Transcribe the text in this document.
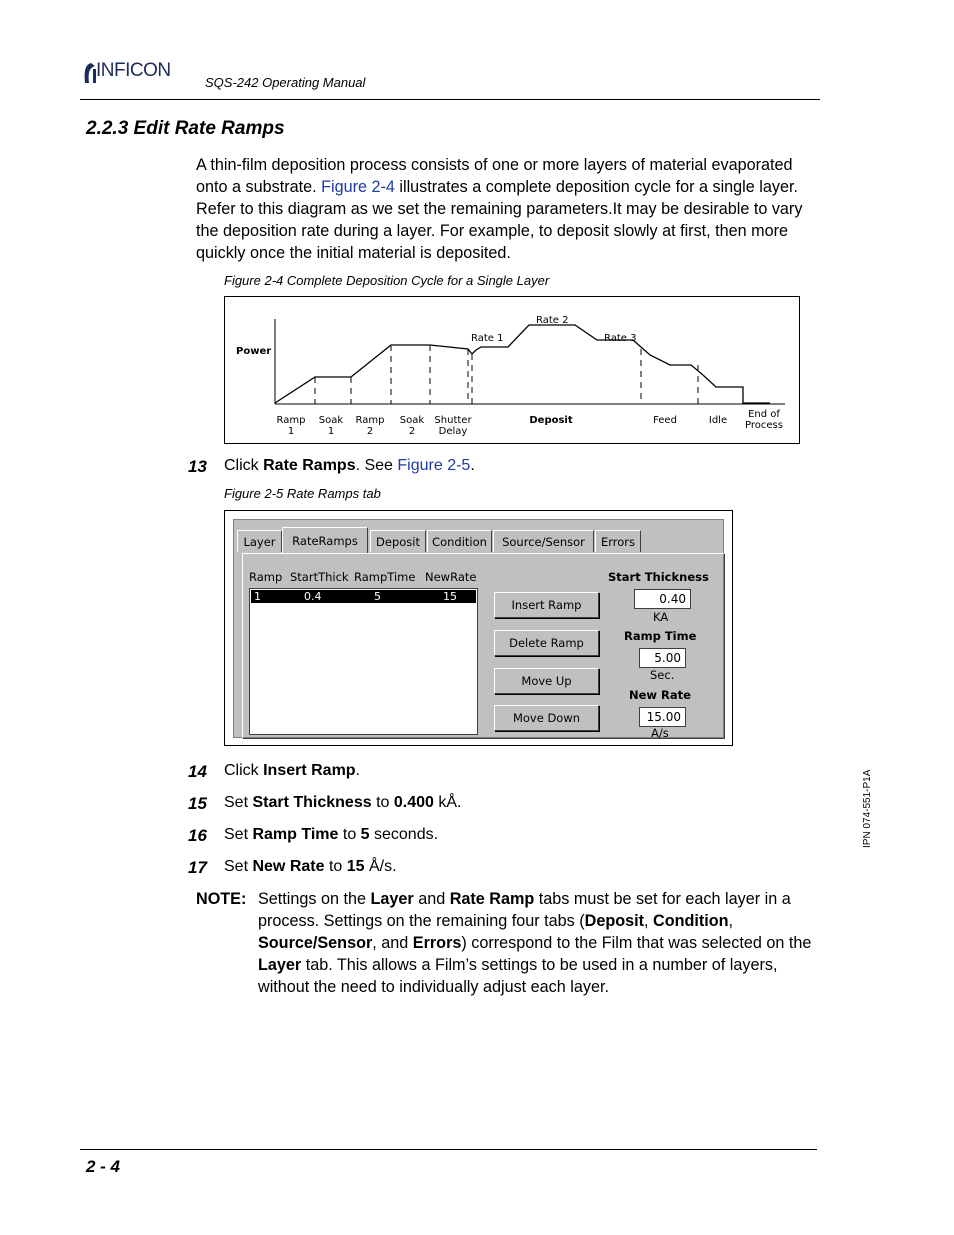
INFICON
SQS-242 Operating Manual
2.2.3 Edit Rate Ramps
A thin-film deposition process consists of one or more layers of material evaporated onto a substrate. Figure 2-4 illustrates a complete deposition cycle for a single layer. Refer to this diagram as we set the remaining parameters.It may be desirable to vary the deposition rate during a layer. For example, to deposit slowly at first, then more quickly once the initial material is deposited.
Figure 2-4 Complete Deposition Cycle for a Single Layer
Power
Rate 1
Rate 2
Rate 3
Ramp
1
Soak
1
Ramp
2
Soak
2
Shutter
Delay
Deposit	Feed	Idle
End of
Process
13 Click Rate Ramps. See Figure 2-5.
Figure 2-5 Rate Ramps tab
Layer	RateRamps	Deposit	Condition	Source/Sensor	Errors
Ramp StartThick RampTime NewRate
1	0.4	5	15
Insert Ramp
Delete Ramp
Move Up
Move Down
Start Thickness
0.40
KA
Ramp Time
5.00
Sec.
New Rate
15.00
A/s
14 Click Insert Ramp.
15 Set Start Thickness to 0.400 kÅ.
16 Set Ramp Time to 5 seconds.
17 Set New Rate to 15 Å/s.
NOTE: Settings on the Layer and Rate Ramp tabs must be set for each layer in a process. Settings on the remaining four tabs (Deposit, Condition, Source/Sensor, and Errors) correspond to the Film that was selected on the Layer tab. This allows a Film’s settings to be used in a number of layers, without the need to individually adjust each layer.
IPN 074-551-P1A
2 - 4
